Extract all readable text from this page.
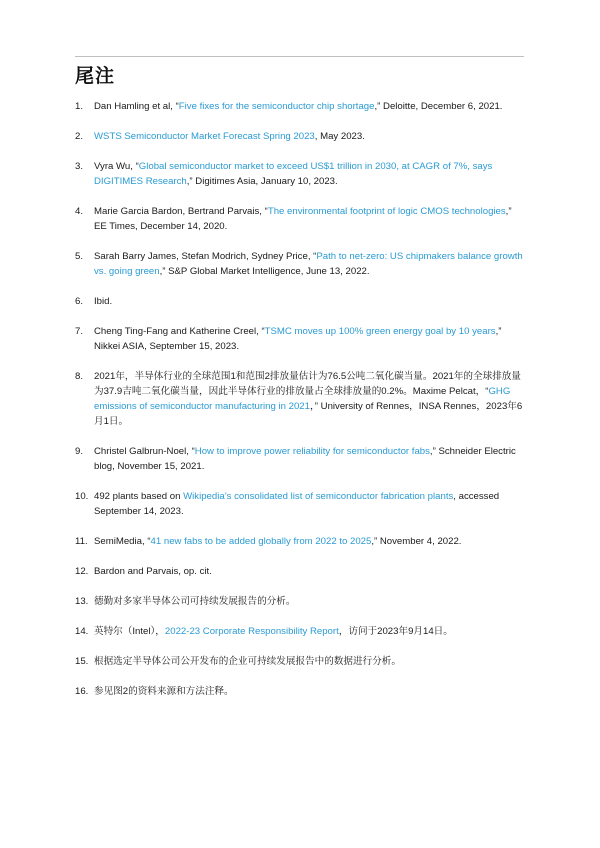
尾注
1. Dan Hamling et al, “Five fixes for the semiconductor chip shortage,” Deloitte, December 6, 2021.
2. WSTS Semiconductor Market Forecast Spring 2023, May 2023.
3. Vyra Wu, “Global semiconductor market to exceed US$1 trillion in 2030, at CAGR of 7%, says DIGITIMES Research,” Digitimes Asia, January 10, 2023.
4. Marie Garcia Bardon, Bertrand Parvais, “The environmental footprint of logic CMOS technologies,” EE Times, December 14, 2020.
5. Sarah Barry James, Stefan Modrich, Sydney Price, “Path to net-zero: US chipmakers balance growth vs. going green,” S&P Global Market Intelligence, June 13, 2022.
6. Ibid.
7. Cheng Ting-Fang and Katherine Creel, “TSMC moves up 100% green energy goal by 10 years,” Nikkei ASIA, September 15, 2023.
8. 2021年，半导体行业的全球范围1和范围2排放量估计为76.5公吨二氧化碳当量。2021年的全球排放量为37.9吉吨二氧化碳当量，因此半导体行业的排放量占全球排放量的0.2%。Maxime Pelcat，“GHG emissions of semiconductor manufacturing in 2021，” University of Rennes，INSA Rennes，2023年6月1日。
9. Christel Galbrun-Noel, “How to improve power reliability for semiconductor fabs,” Schneider Electric blog, November 15, 2021.
10. 492 plants based on Wikipedia’s consolidated list of semiconductor fabrication plants, accessed September 14, 2023.
11. SemiMedia, “41 new fabs to be added globally from 2022 to 2025,” November 4, 2022.
12. Bardon and Parvais, op. cit.
13. 德勤对多家半导体公司可持续发展报告的分析。
14. 英特尔（Intel），2022-23 Corporate Responsibility Report，访问于2023年9月14日。
15. 根据选定半导体公司公开发布的企业可持续发展报告中的数据进行分析。
16. 参见图2的资料来源和方法注释。
